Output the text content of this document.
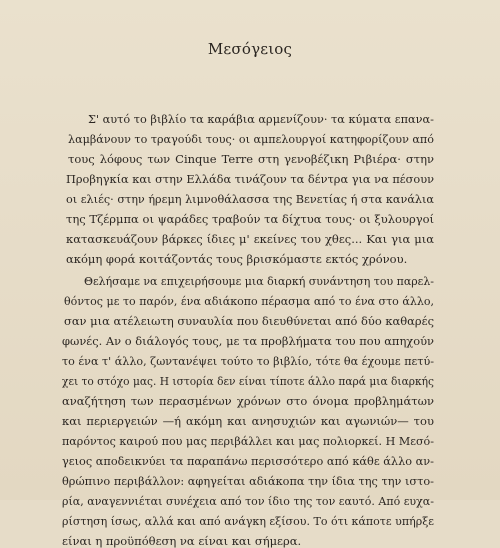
Μεσόγειος
Σ' αυτό το βιβλίο τα καράβια αρμενίζουν· τα κύματα επανα-
λαμβάνουν το τραγούδι τους· οι αμπελουργοί κατηφορίζουν από
τους λόφους των Cinque Terre στη γενοβέζικη Ριβιέρα· στην
Προβηγκία και στην Ελλάδα τινάζουν τα δέντρα για να πέσουν
οι ελιές· στην ήρεμη λιμνοθάλασσα της Βενετίας ή στα κανάλια
της Τζέρμπα οι ψαράδες τραβούν τα δίχτυα τους· οι ξυλουργοί
κατασκευάζουν βάρκες ίδιες μ' εκείνες του χθες... Και για μια
ακόμη φορά κοιτάζοντάς τους βρισκόμαστε εκτός χρόνου.
Θελήσαμε να επιχειρήσουμε μια διαρκή συνάντηση του παρελ-
θόντος με το παρόν, ένα αδιάκοπο πέρασμα από το ένα στο άλλο,
σαν μια ατέλειωτη συναυλία που διευθύνεται από δύο καθαρές
φωνές. Αν ο διάλογός τους, με τα προβλήματα του που απηχούν
το ένα τ' άλλο, ζωντανέψει τούτο το βιβλίο, τότε θα έχουμε πετύ-
χει το στόχο μας. Η ιστορία δεν είναι τίποτε άλλο παρά μια διαρκής
αναζήτηση των περασμένων χρόνων στο όνομα προβλημάτων
και περιεργειών —ή ακόμη και ανησυχιών και αγωνιών— του
παρόντος καιρού που μας περιβάλλει και μας πολιορκεί. Η Μεσό-
γειος αποδεικνύει τα παραπάνω περισσότερο από κάθε άλλο αν-
θρώπινο περιβάλλον: αφηγείται αδιάκοπα την ίδια της την ιστο-
ρία, αναγεννιέται συνέχεια από τον ίδιο της τον εαυτό. Από ευχα-
ρίστηση ίσως, αλλά και από ανάγκη εξίσου. Το ότι κάποτε υπήρξε
είναι η προϋπόθεση να είναι και σήμερα.
